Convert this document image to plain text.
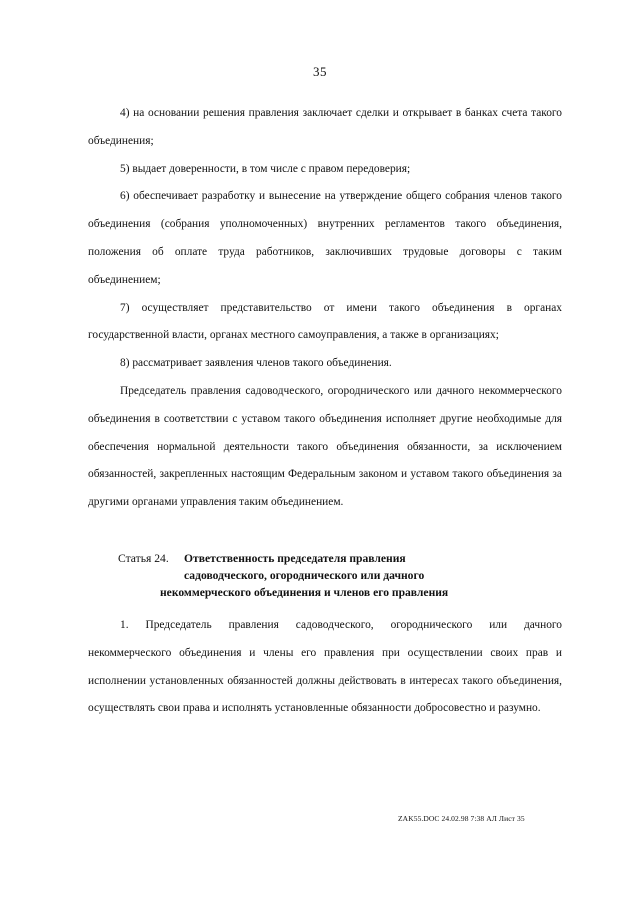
35

4) на основании решения правления заключает сделки и открывает в банках счета такого объединения;

5) выдает доверенности, в том числе с правом передоверия;

6) обеспечивает разработку и вынесение на утверждение общего собрания членов такого объединения (собрания уполномоченных) внутренних регламентов такого объединения, положения об оплате труда работников, заключивших трудовые договоры с таким объединением;

7) осуществляет представительство от имени такого объединения в органах государственной власти, органах местного самоуправления, а также в организациях;

8) рассматривает заявления членов такого объединения.

Председатель правления садоводческого, огороднического или дачного некоммерческого объединения в соответствии с уставом такого объединения исполняет другие необходимые для обеспечения нормальной деятельности такого объединения обязанности, за исключением обязанностей, закрепленных настоящим Федеральным законом и уставом такого объединения за другими органами управления таким объединением.

Статья 24. Ответственность председателя правления
садоводческого, огороднического или дачного
некоммерческого объединения и членов его правления

1. Председатель правления садоводческого, огороднического или дачного некоммерческого объединения и члены его правления при осуществлении своих прав и исполнении установленных обязанностей должны действовать в интересах такого объединения, осуществлять свои права и исполнять установленные обязанности добросовестно и разумно.

ZAK55.DOC 24.02.98 7:38 АЛ Лист 35
